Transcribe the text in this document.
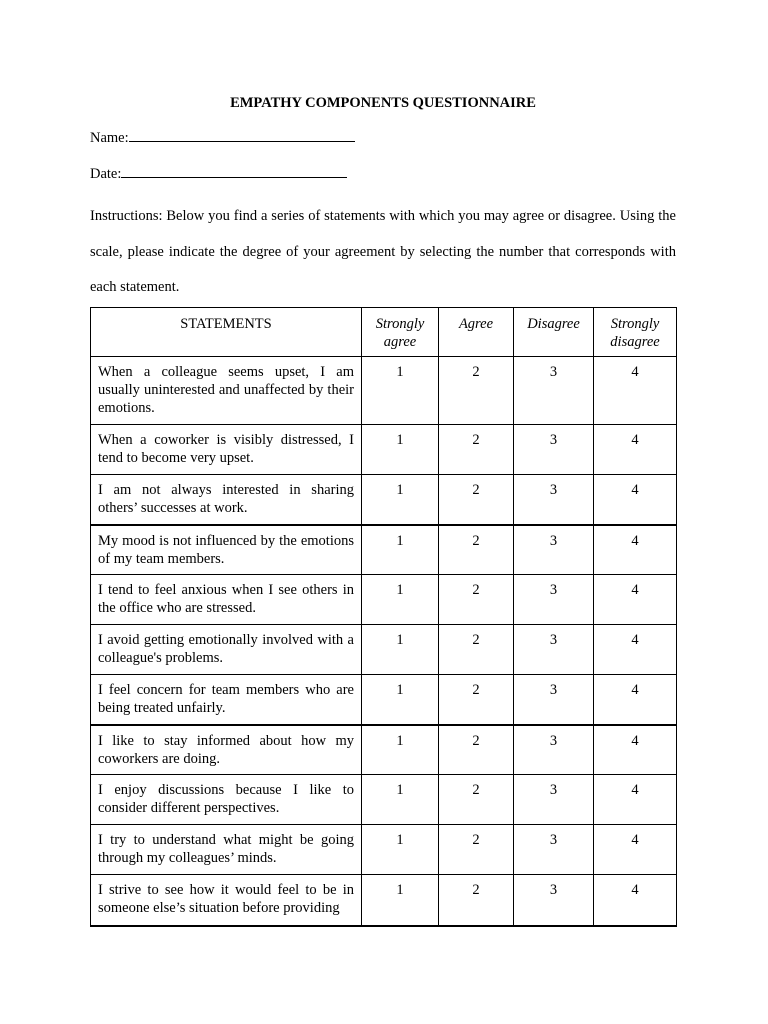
EMPATHY COMPONENTS QUESTIONNAIRE
Name:
Date:

Instructions: Below you find a series of statements with which you may agree or disagree. Using the scale, please indicate the degree of your agreement by selecting the number that corresponds with each statement.

STATEMENTS	Strongly agree	Agree	Disagree	Strongly disagree
When a colleague seems upset, I am usually uninterested and unaffected by their emotions.	1	2	3	4
When a coworker is visibly distressed, I tend to become very upset.	1	2	3	4
I am not always interested in sharing others’ successes at work.	1	2	3	4
My mood is not influenced by the emotions of my team members.	1	2	3	4
I tend to feel anxious when I see others in the office who are stressed.	1	2	3	4
I avoid getting emotionally involved with a colleague's problems.	1	2	3	4
I feel concern for team members who are being treated unfairly.	1	2	3	4
I like to stay informed about how my coworkers are doing.	1	2	3	4
I enjoy discussions because I like to consider different perspectives.	1	2	3	4
I try to understand what might be going through my colleagues’ minds.	1	2	3	4

I strive to see how it would feel to be in someone else’s situation before providing	1	2	3	4
